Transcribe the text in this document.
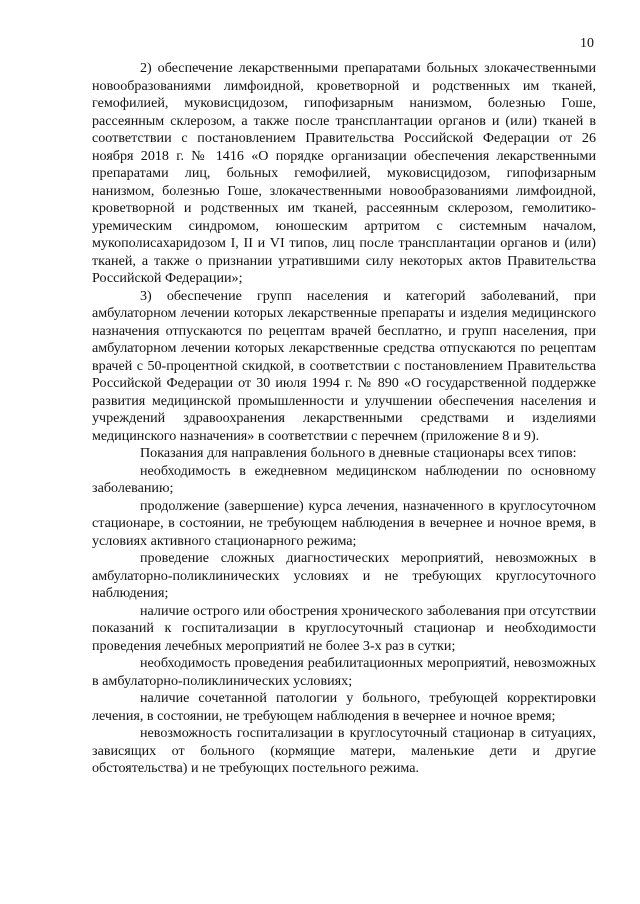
10

2) обеспечение лекарственными препаратами больных злокачественными новообразованиями лимфоидной, кроветворной и родственных им тканей, гемофилией, муковисцидозом, гипофизарным нанизмом, болезнью Гоше, рассеянным склерозом, а также после трансплантации органов и (или) тканей в соответствии с постановлением Правительства Российской Федерации от 26 ноября 2018 г. № 1416 «О порядке организации обеспечения лекарственными препаратами лиц, больных гемофилией, муковисцидозом, гипофизарным нанизмом, болезнью Гоше, злокачественными новообразованиями лимфоидной, кроветворной и родственных им тканей, рассеянным склерозом, гемолитико-уремическим синдромом, юношеским артритом с системным началом, мукополисахаридозом I, II и VI типов, лиц после трансплантации органов и (или) тканей, а также о признании утратившими силу некоторых актов Правительства Российской Федерации»;

3) обеспечение групп населения и категорий заболеваний, при амбулаторном лечении которых лекарственные препараты и изделия медицинского назначения отпускаются по рецептам врачей бесплатно, и групп населения, при амбулаторном лечении которых лекарственные средства отпускаются по рецептам врачей с 50-процентной скидкой, в соответствии с постановлением Правительства Российской Федерации от 30 июля 1994 г. № 890 «О государственной поддержке развития медицинской промышленности и улучшении обеспечения населения и учреждений здравоохранения лекарственными средствами и изделиями медицинского назначения» в соответствии с перечнем (приложение 8 и 9).

Показания для направления больного в дневные стационары всех типов:

необходимость в ежедневном медицинском наблюдении по основному заболеванию;

продолжение (завершение) курса лечения, назначенного в круглосуточном стационаре, в состоянии, не требующем наблюдения в вечернее и ночное время, в условиях активного стационарного режима;

проведение сложных диагностических мероприятий, невозможных в амбулаторно-поликлинических условиях и не требующих круглосуточного наблюдения;

наличие острого или обострения хронического заболевания при отсутствии показаний к госпитализации в круглосуточный стационар и необходимости проведения лечебных мероприятий не более 3-х раз в сутки;

необходимость проведения реабилитационных мероприятий, невозможных в амбулаторно-поликлинических условиях;

наличие сочетанной патологии у больного, требующей корректировки лечения, в состоянии, не требующем наблюдения в вечернее и ночное время;

невозможность госпитализации в круглосуточный стационар в ситуациях, зависящих от больного (кормящие матери, маленькие дети и другие обстоятельства) и не требующих постельного режима.
